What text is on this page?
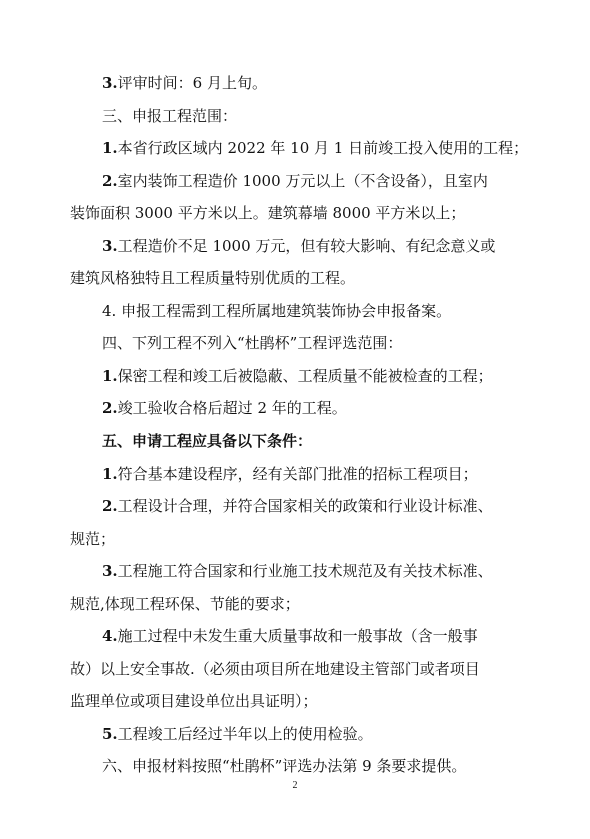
3.评审时间：6 月上旬。
三、申报工程范围：
1.本省行政区域内 2022 年 10 月 1 日前竣工投入使用的工程；
2.室内装饰工程造价 1000 万元以上（不含设备），且室内
装饰面积 3000 平方米以上。建筑幕墙 8000 平方米以上；
3.工程造价不足 1000 万元，但有较大影响、有纪念意义或
建筑风格独特且工程质量特别优质的工程。
4. 申报工程需到工程所属地建筑装饰协会申报备案。
四、下列工程不列入“杜鹃杯”工程评选范围：
1.保密工程和竣工后被隐蔽、工程质量不能被检查的工程；
2.竣工验收合格后超过 2 年的工程。
五、申请工程应具备以下条件：
1.符合基本建设程序，经有关部门批准的招标工程项目；
2.工程设计合理，并符合国家相关的政策和行业设计标准、
规范；
3.工程施工符合国家和行业施工技术规范及有关技术标准、
规范,体现工程环保、节能的要求；
4.施工过程中未发生重大质量事故和一般事故（含一般事
故）以上安全事故.（必须由项目所在地建设主管部门或者项目
监理单位或项目建设单位出具证明）；
5.工程竣工后经过半年以上的使用检验。
六、申报材料按照“杜鹃杯”评选办法第 9 条要求提供。
2
